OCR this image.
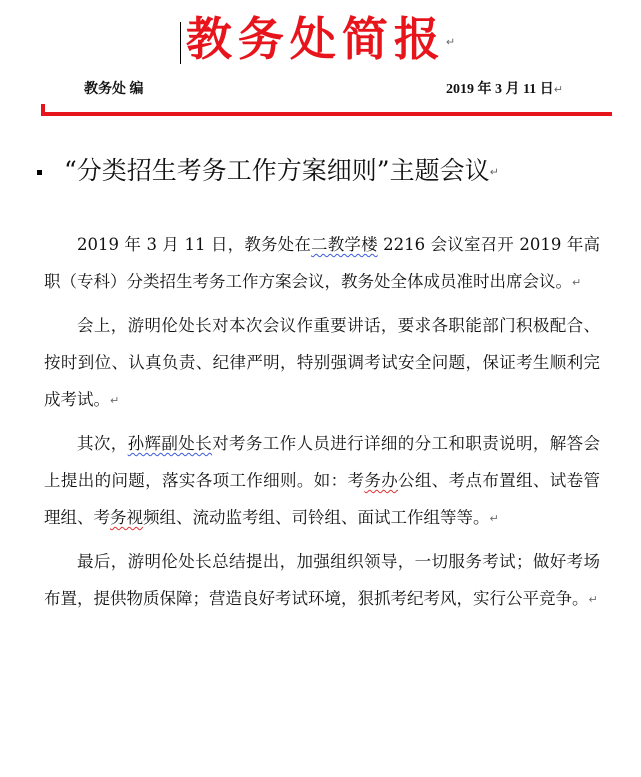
教务处简报↵
教务处 编	2019 年 3 月 11 日↵
“分类招生考务工作方案细则”主题会议↵

2019 年 3 月 11 日，教务处在二教学楼 2216 会议室召开 2019 年高职（专科）分类招生考务工作方案会议，教务处全体成员准时出席会议。↵

会上，游明伦处长对本次会议作重要讲话，要求各职能部门积极配合、按时到位、认真负责、纪律严明，特别强调考试安全问题，保证考生顺利完成考试。↵

其次，孙辉副处长对考务工作人员进行详细的分工和职责说明，解答会上提出的问题，落实各项工作细则。如：考务办公组、考点布置组、试卷管理组、考务视频组、流动监考组、司铃组、面试工作组等等。↵

最后，游明伦处长总结提出，加强组织领导，一切服务考试；做好考场布置，提供物质保障；营造良好考试环境，狠抓考纪考风，实行公平竞争。↵
